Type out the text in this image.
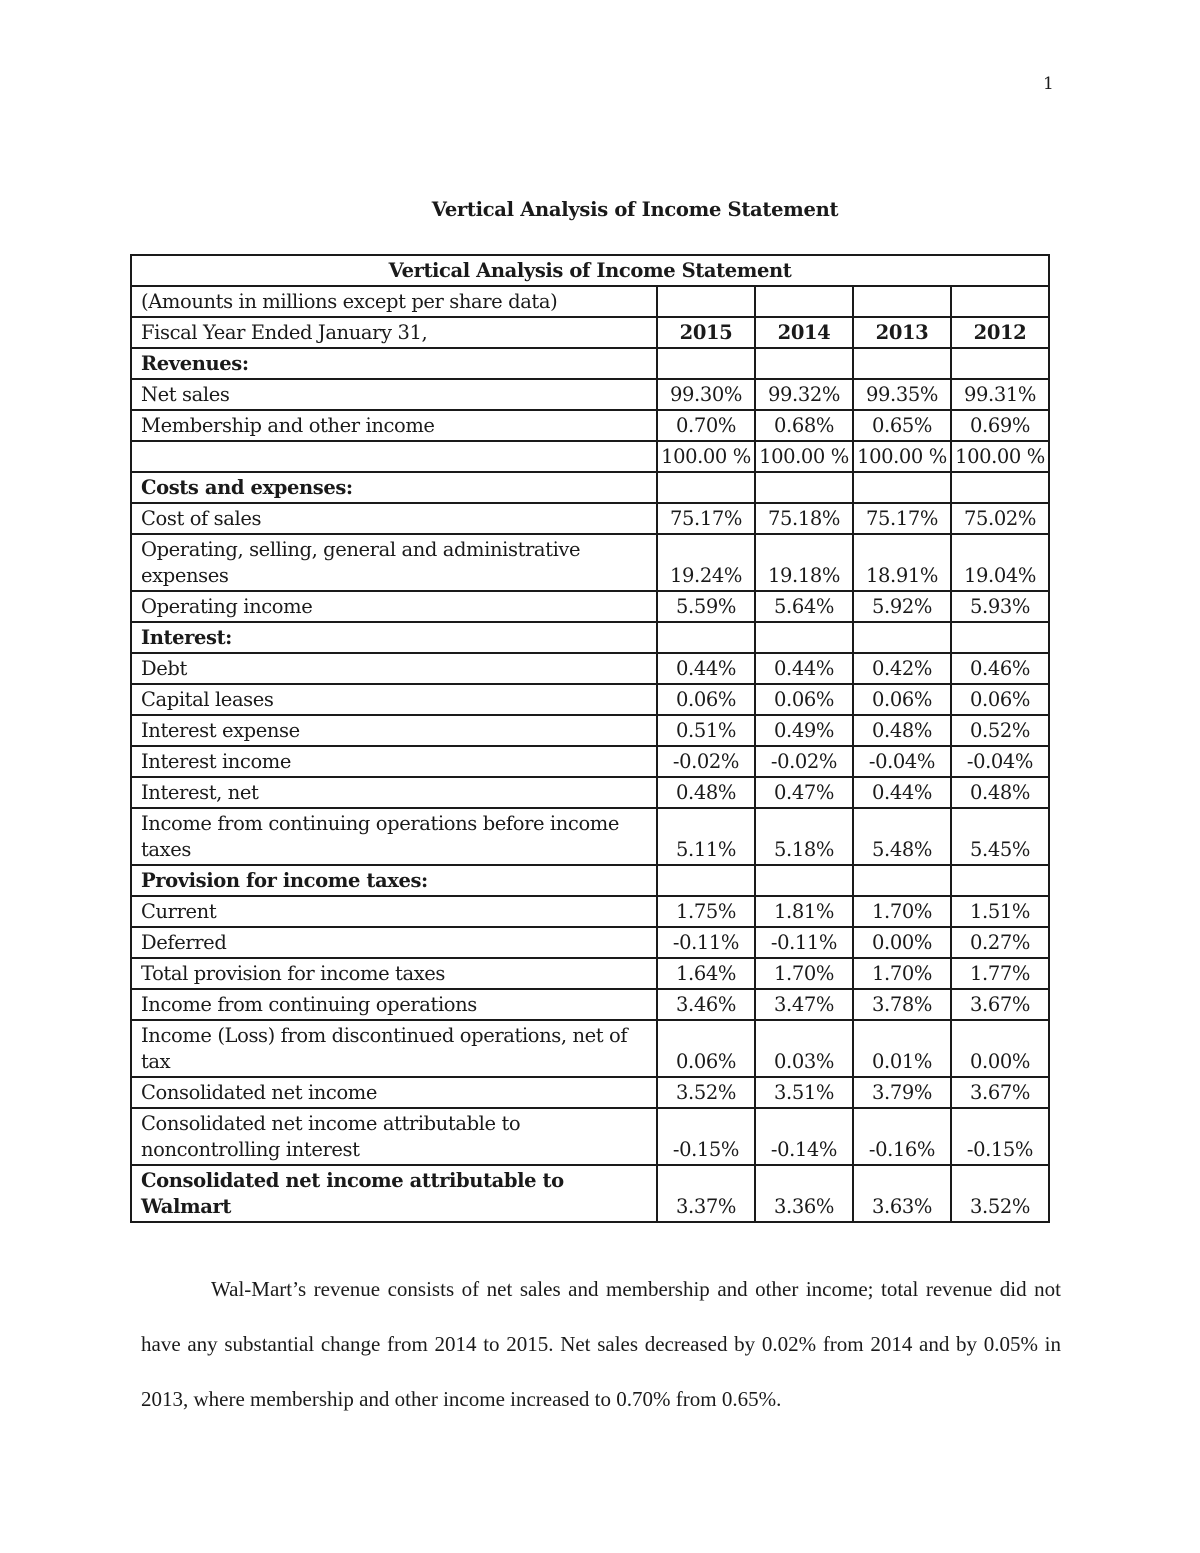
1
Vertical Analysis of Income Statement
Vertical Analysis of Income Statement				
(Amounts in millions except per share data)				
Fiscal Year Ended January 31,	2015	2014	2013	2012
Revenues:				
Net sales	99.30%	99.32%	99.35%	99.31%
Membership and other income	0.70%	0.68%	0.65%	0.69%
	100.00 %	100.00 %	100.00 %	100.00 %
Costs and expenses:				
Cost of sales	75.17%	75.18%	75.17%	75.02%
Operating, selling, general and administrative expenses	19.24%	19.18%	18.91%	19.04%
Operating income	5.59%	5.64%	5.92%	5.93%
Interest:				
Debt	0.44%	0.44%	0.42%	0.46%
Capital leases	0.06%	0.06%	0.06%	0.06%
Interest expense	0.51%	0.49%	0.48%	0.52%
Interest income	-0.02%	-0.02%	-0.04%	-0.04%
Interest, net	0.48%	0.47%	0.44%	0.48%
Income from continuing operations before income taxes	5.11%	5.18%	5.48%	5.45%
Provision for income taxes:				
Current	1.75%	1.81%	1.70%	1.51%
Deferred	-0.11%	-0.11%	0.00%	0.27%
Total provision for income taxes	1.64%	1.70%	1.70%	1.77%
Income from continuing operations	3.46%	3.47%	3.78%	3.67%
Income (Loss) from discontinued operations, net of tax	0.06%	0.03%	0.01%	0.00%
Consolidated net income	3.52%	3.51%	3.79%	3.67%
Consolidated net income attributable to noncontrolling interest	-0.15%	-0.14%	-0.16%	-0.15%
Consolidated net income attributable to Walmart	3.37%	3.36%	3.63%	3.52%
Wal-Mart’s revenue consists of net sales and membership and other income; total revenue did not have any substantial change from 2014 to 2015. Net sales decreased by 0.02% from 2014 and by 0.05% in 2013, where membership and other income increased to 0.70% from 0.65%.
